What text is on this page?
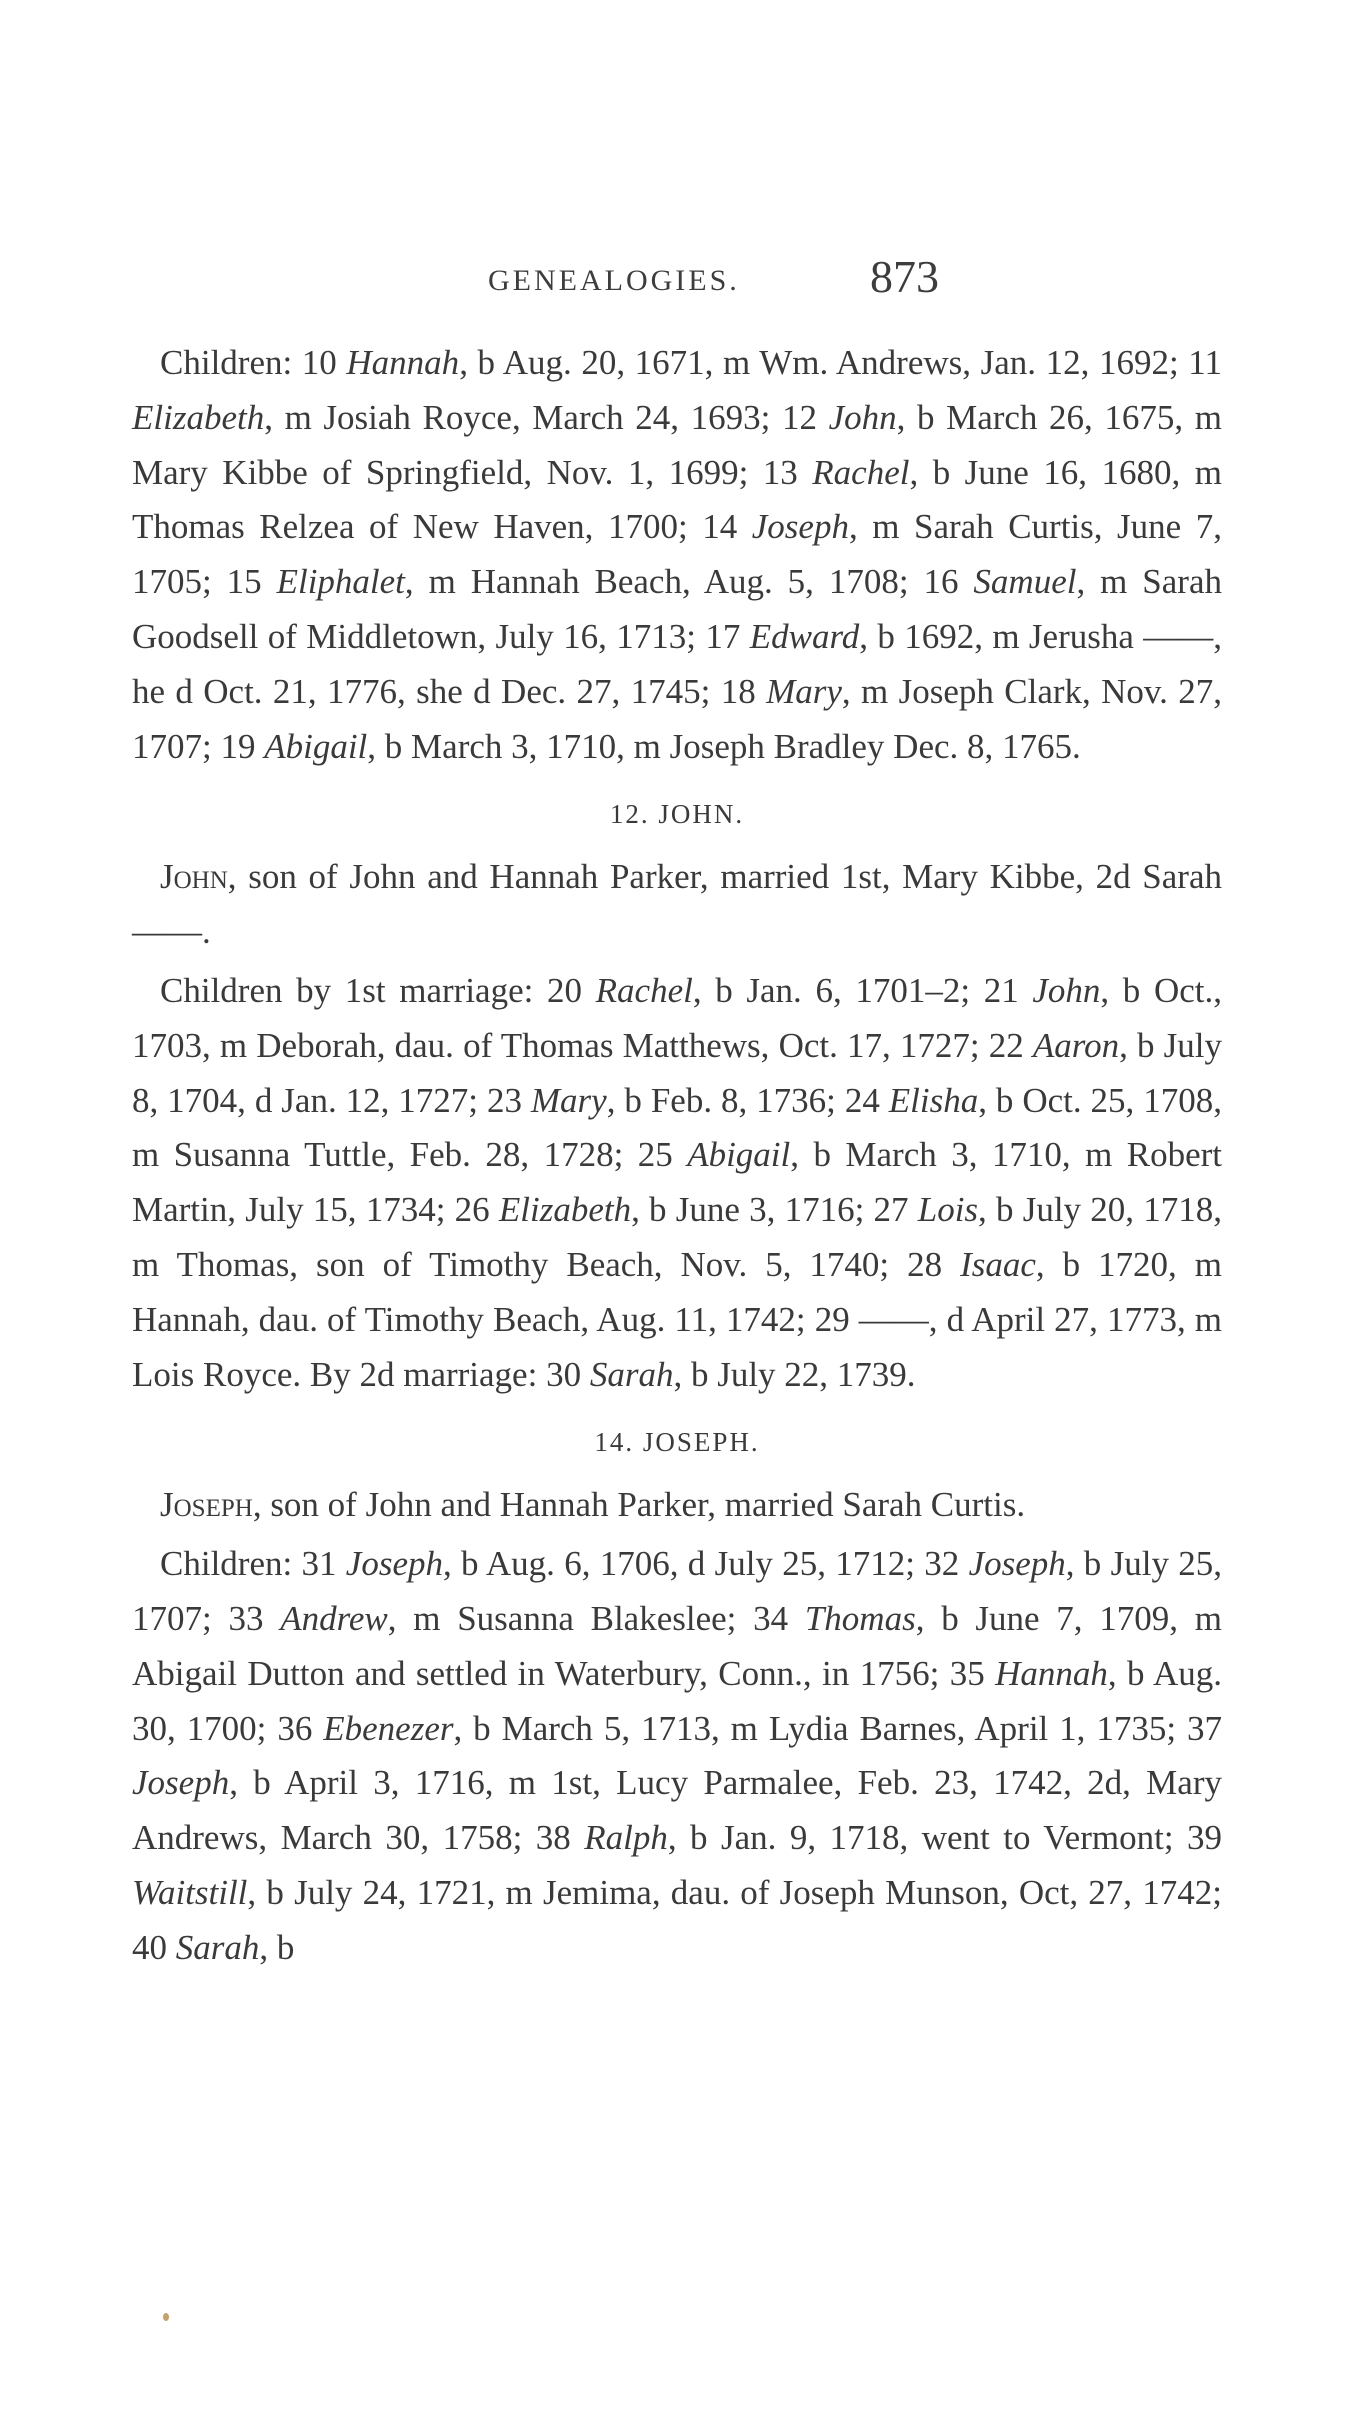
GENEALOGIES.	873

Children: 10 Hannah, b Aug. 20, 1671, m Wm. Andrews, Jan. 12, 1692; 11 Elizabeth, m Josiah Royce, March 24, 1693; 12 John, b March 26, 1675, m Mary Kibbe of Springfield, Nov. 1, 1699; 13 Rachel, b June 16, 1680, m Thomas Relzea of New Haven, 1700; 14 Joseph, m Sarah Curtis, June 7, 1705; 15 Eliphalet, m Hannah Beach, Aug. 5, 1708; 16 Samuel, m Sarah Goodsell of Middletown, July 16, 1713; 17 Edward, b 1692, m Jerusha ——, he d Oct. 21, 1776, she d Dec. 27, 1745; 18 Mary, m Joseph Clark, Nov. 27, 1707; 19 Abigail, b March 3, 1710, m Joseph Bradley Dec. 8, 1765.

12. JOHN.

John, son of John and Hannah Parker, married 1st, Mary Kibbe, 2d Sarah ——.

Children by 1st marriage: 20 Rachel, b Jan. 6, 1701–2; 21 John, b Oct., 1703, m Deborah, dau. of Thomas Matthews, Oct. 17, 1727; 22 Aaron, b July 8, 1704, d Jan. 12, 1727; 23 Mary, b Feb. 8, 1736; 24 Elisha, b Oct. 25, 1708, m Susanna Tuttle, Feb. 28, 1728; 25 Abigail, b March 3, 1710, m Robert Martin, July 15, 1734; 26 Elizabeth, b June 3, 1716; 27 Lois, b July 20, 1718, m Thomas, son of Timothy Beach, Nov. 5, 1740; 28 Isaac, b 1720, m Hannah, dau. of Timothy Beach, Aug. 11, 1742; 29 ——, d April 27, 1773, m Lois Royce. By 2d marriage: 30 Sarah, b July 22, 1739.

14. JOSEPH.

Joseph, son of John and Hannah Parker, married Sarah Curtis.

Children: 31 Joseph, b Aug. 6, 1706, d July 25, 1712; 32 Joseph, b July 25, 1707; 33 Andrew, m Susanna Blakeslee; 34 Thomas, b June 7, 1709, m Abigail Dutton and settled in Waterbury, Conn., in 1756; 35 Hannah, b Aug. 30, 1700; 36 Ebenezer, b March 5, 1713, m Lydia Barnes, April 1, 1735; 37 Joseph, b April 3, 1716, m 1st, Lucy Parmalee, Feb. 23, 1742, 2d, Mary Andrews, March 30, 1758; 38 Ralph, b Jan. 9, 1718, went to Vermont; 39 Waitstill, b July 24, 1721, m Jemima, dau. of Joseph Munson, Oct, 27, 1742; 40 Sarah, b
